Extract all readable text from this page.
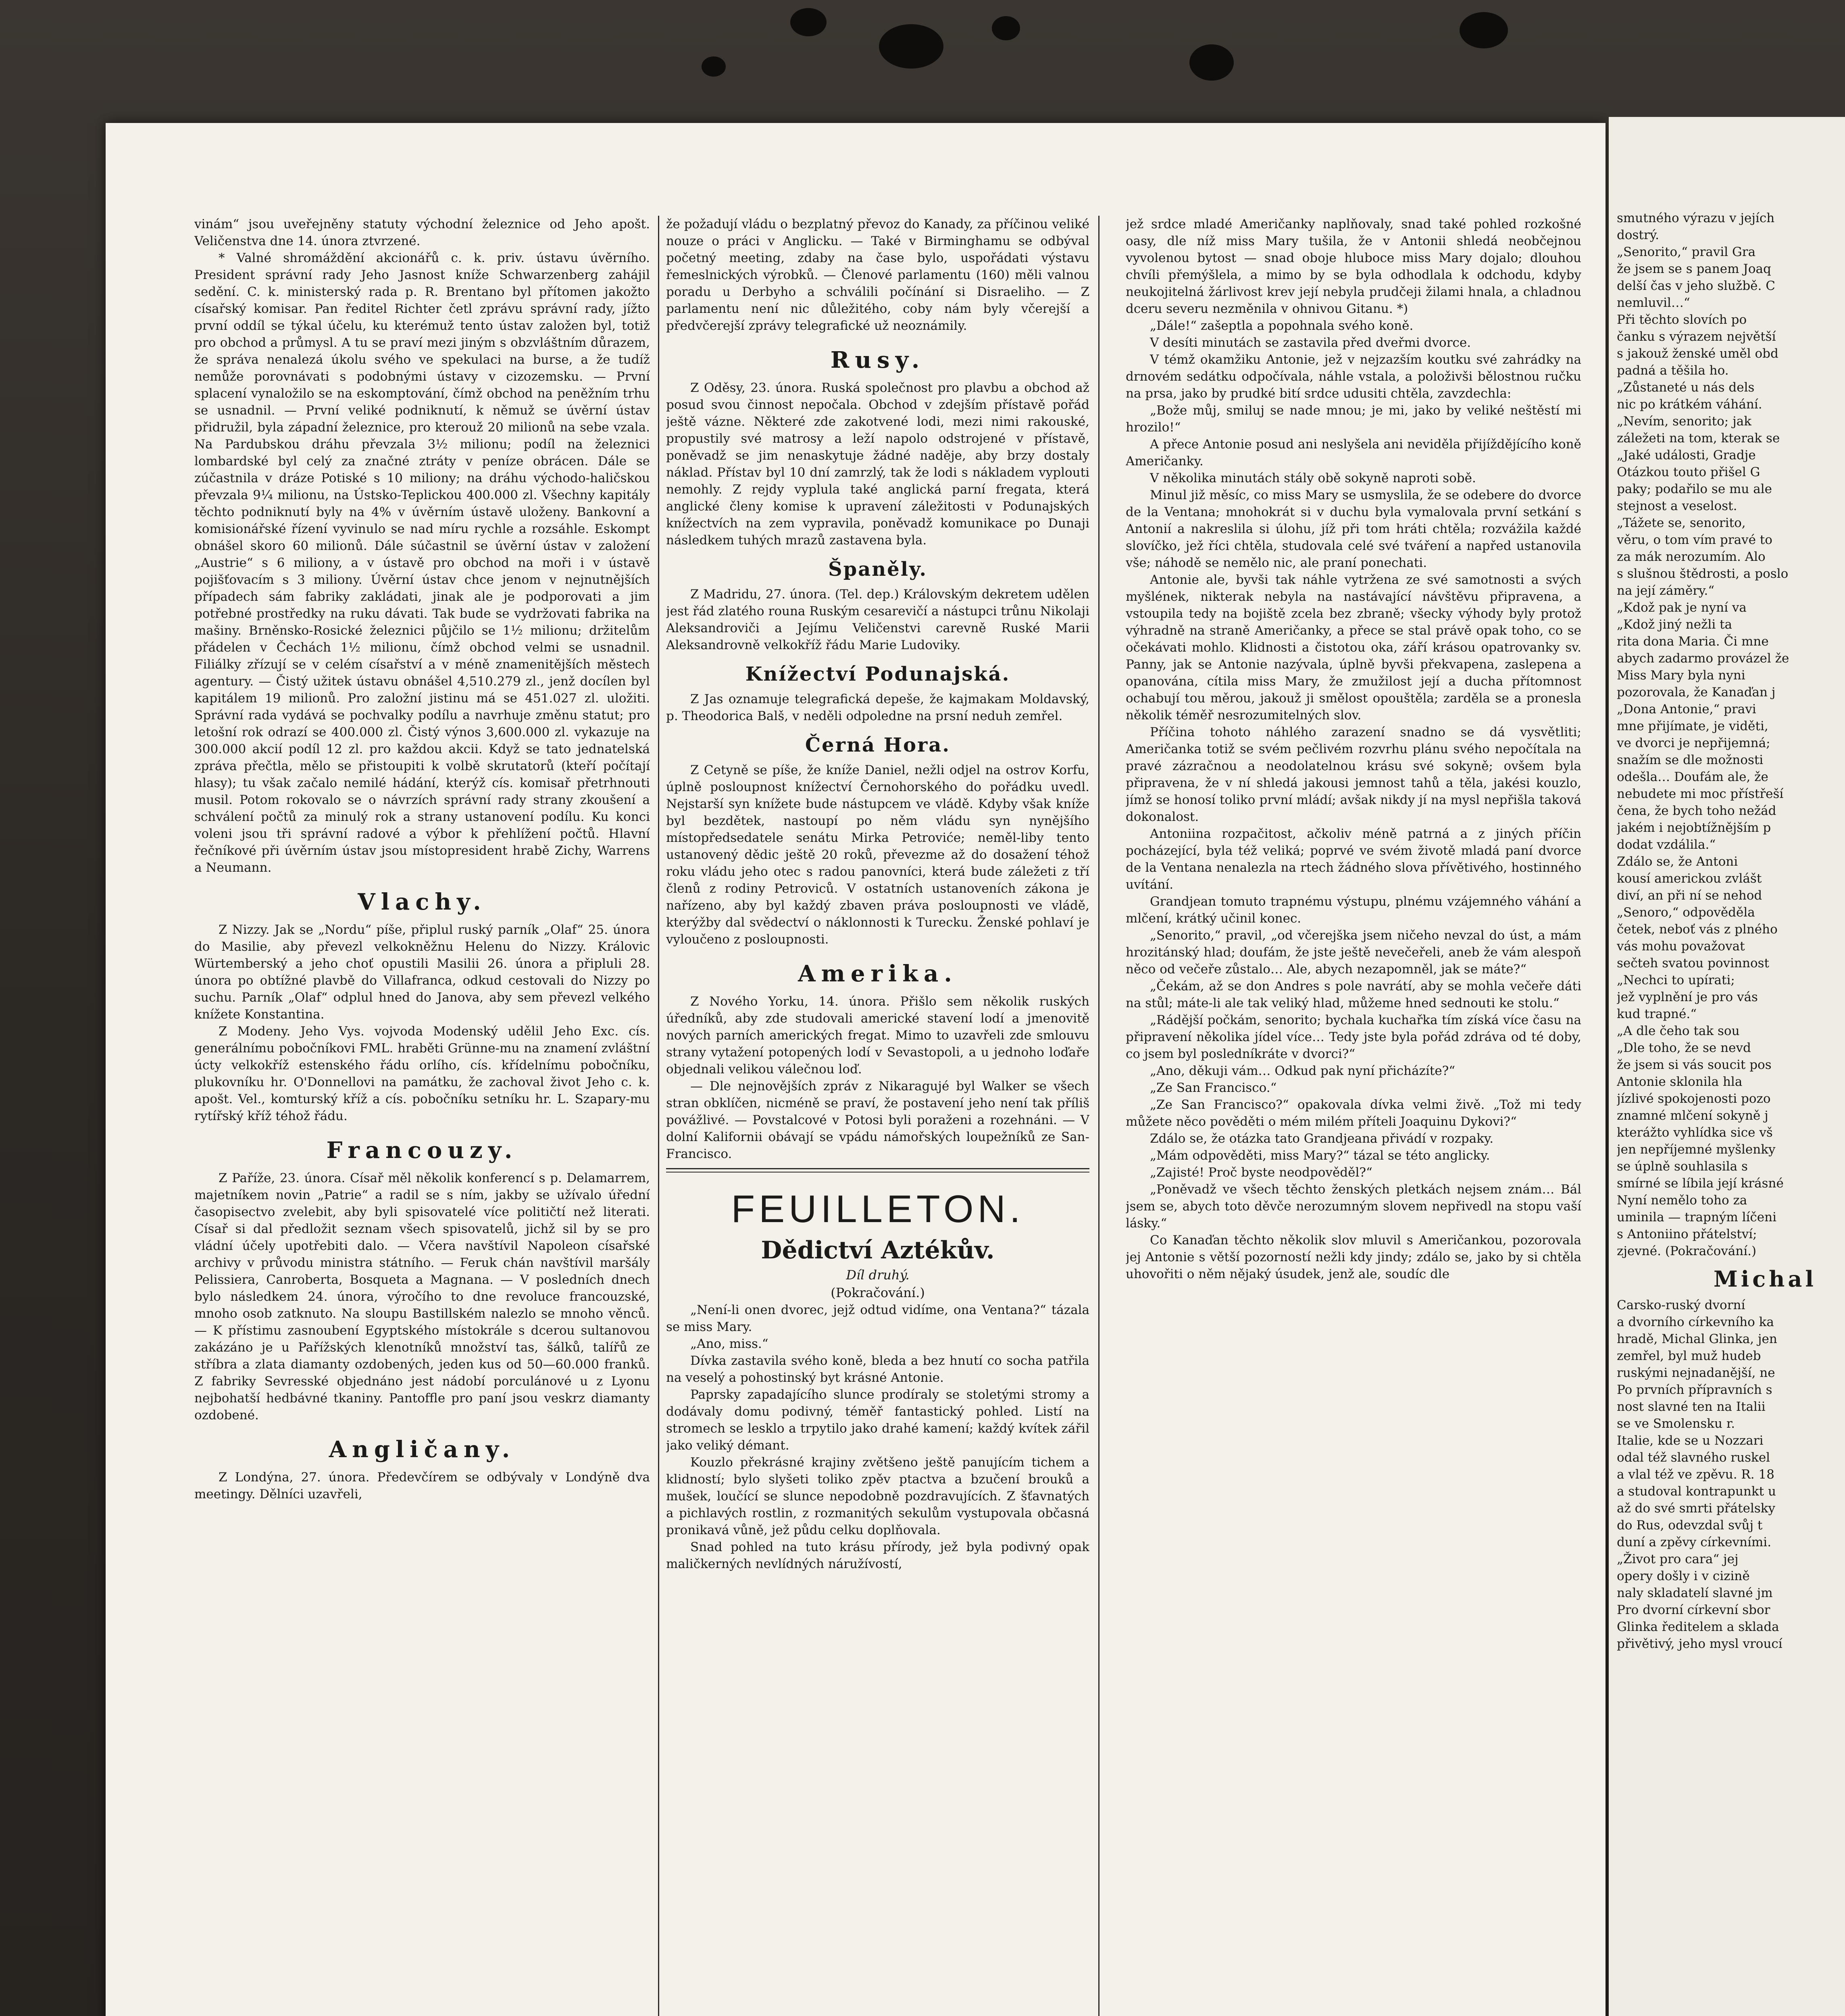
vinám“ jsou uveřejněny statuty východní železnice od Jeho apošt. Veličenstva dne 14. února ztvrzené.

* Valné shromáždění akcionářů c. k. priv. ústavu úvěrního. President správní rady Jeho Jasnost kníže Schwarzenberg zahájil sedění. C. k. ministerský rada p. R. Brentano byl přítomen jakožto císařský komisar. Pan ředitel Richter četl zprávu správní rady, jížto první oddíl se týkal účelu, ku kterémuž tento ústav založen byl, totiž pro obchod a průmysl. A tu se praví mezi jiným s obzvláštním důrazem, že správa nenalezá úkolu svého ve spekulaci na burse, a že tudíž nemůže porovnávati s podobnými ústavy v cizozemsku. — První splacení vynaložilo se na eskomptování, čímž obchod na peněžním trhu se usnadnil. — První veliké podniknutí, k němuž se úvěrní ústav přidružil, byla západní železnice, pro kterouž 20 milionů na sebe vzala. Na Pardubskou dráhu převzala 3½ milionu; podíl na železnici lombardské byl celý za značné ztráty v peníze obrácen. Dále se zúčastnila v dráze Potiské s 10 miliony; na dráhu východo-haličskou převzala 9¼ milionu, na Ústsko-Teplickou 400.000 zl. Všechny kapitály těchto podniknutí byly na 4% v úvěrním ústavě uloženy. Bankovní a komisionářské řízení vyvinulo se nad míru rychle a rozsáhle. Eskompt obnášel skoro 60 milionů. Dále súčastnil se úvěrní ústav v založení „Austrie“ s 6 miliony, a v ústavě pro obchod na moři i v ústavě pojišťovacím s 3 miliony. Úvěrní ústav chce jenom v nejnutnějších případech sám fabriky zakládati, jinak ale je podporovati a jim potřebné prostředky na ruku dávati. Tak bude se vydržovati fabrika na mašiny. Brněnsko-Rosické železnici půjčilo se 1½ milionu; držitelům přádelen v Čechách 1½ milionu, čímž obchod velmi se usnadnil. Filiálky zřízují se v celém císařství a v méně znamenitějších městech agentury. — Čistý užitek ústavu obnášel 4,510.279 zl., jenž docílen byl kapitálem 19 milionů. Pro založní jistinu má se 451.027 zl. uložiti. Správní rada vydává se pochvalky podílu a navrhuje změnu statut; pro letošní rok odrazí se 400.000 zl. Čistý výnos 3,600.000 zl. vykazuje na 300.000 akcií podíl 12 zl. pro každou akcii. Když se tato jednatelská zpráva přečtla, mělo se přistoupiti k volbě skrutatorů (kteří počítají hlasy); tu však začalo nemilé hádání, kterýž cís. komisař přetrhnouti musil. Potom rokovalo se o návrzích správní rady strany zkoušení a schválení počtů za minulý rok a strany ustanovení podílu. Ku konci voleni jsou tři správní radové a výbor k přehlížení počtů. Hlavní řečníkové při úvěrním ústav jsou místopresident hrabě Zichy, Warrens a Neumann.

Vlachy.

Z Nizzy. Jak se „Nordu“ píše, připlul ruský parník „Olaf“ 25. února do Masilie, aby převezl velkokněžnu Helenu do Nizzy. Královic Würtemberský a jeho choť opustili Masilii 26. února a připluli 28. února po obtížné plavbě do Villafranca, odkud cestovali do Nizzy po suchu. Parník „Olaf“ odplul hned do Janova, aby sem převezl velkého knížete Konstantina.

Z Modeny. Jeho Vys. vojvoda Modenský udělil Jeho Exc. cís. generálnímu pobočníkovi FML. hraběti Grünne-mu na znamení zvláštní úcty velkokříž estenského řádu orlího, cís. křídelnímu pobočníku, plukovníku hr. O'Donnellovi na památku, že zachoval život Jeho c. k. apošt. Vel., komturský kříž a cís. pobočníku setníku hr. L. Szapary-mu rytířský kříž téhož řádu.

Francouzy.

Z Paříže, 23. února. Císař měl několik konferencí s p. Delamarrem, majetníkem novin „Patrie“ a radil se s ním, jakby se užívalo úřední časopisectvo zvelebit, aby byli spisovatelé více političtí než literati. Císař si dal předložit seznam všech spisovatelů, jichž sil by se pro vládní účely upotřebiti dalo. — Včera navštívil Napoleon císařské archivy v průvodu ministra státního. — Feruk chán navštívil maršály Pelissiera, Canroberta, Bosqueta a Magnana. — V posledních dnech bylo následkem 24. února, výročího to dne revoluce francouzské, mnoho osob zatknuto. Na sloupu Bastillském nalezlo se mnoho věnců. — K přístimu zasnoubení Egyptského místokrále s dcerou sultanovou zakázáno je u Pařížských klenotníků množství tas, šálků, talířů ze stříbra a zlata diamanty ozdobených, jeden kus od 50—60.000 franků. Z fabriky Sevresské objednáno jest nádobí porculánové u z Lyonu nejbohatší hedbávné tkaniny. Pantoffle pro paní jsou veskrz diamanty ozdobené.

Angličany.

Z Londýna, 27. února. Předevčírem se odbývaly v Londýně dva meetingy. Dělníci uzavřeli,

že požadují vládu o bezplatný převoz do Kanady, za příčinou veliké nouze o práci v Anglicku. — Také v Birminghamu se odbýval početný meeting, zdaby na čase bylo, uspořádati výstavu řemeslnických výrobků. — Členové parlamentu (160) měli valnou poradu u Derbyho a schválili počínání si Disraeliho. — Z parlamentu není nic důležitého, coby nám byly včerejší a předvčerejší zprávy telegrafické už neoznámily.

Rusy.

Z Oděsy, 23. února. Ruská společnost pro plavbu a obchod až posud svou činnost nepočala. Obchod v zdejším přístavě pořád ještě vázne. Některé zde zakotvené lodi, mezi nimi rakouské, propustily své matrosy a leží napolo odstrojené v přístavě, poněvadž se jim nenaskytuje žádné naděje, aby brzy dostaly náklad. Přístav byl 10 dní zamrzlý, tak že lodi s nákladem vyplouti nemohly. Z rejdy vyplula také anglická parní fregata, která anglické členy komise k upravení záležitosti v Podunajských knížectvích na zem vypravila, poněvadž komunikace po Dunaji následkem tuhých mrazů zastavena byla.

Španěly.

Z Madridu, 27. února. (Tel. dep.) Královským dekretem udělen jest řád zlatého rouna Ruským cesarevičí a nástupci trůnu Nikolaji Aleksandroviči a Jejímu Veličenstvi carevně Ruské Marii Aleksandrovně velkokříž řádu Marie Ludoviky.

Knížectví Podunajská.

Z Jas oznamuje telegrafická depeše, že kajmakam Moldavský, p. Theodorica Balš, v neděli odpoledne na prsní neduh zemřel.

Černá Hora.

Z Cetyně se píše, že kníže Daniel, nežli odjel na ostrov Korfu, úplně posloupnost knížectví Černohorského do pořádku uvedl. Nejstarší syn knížete bude nástupcem ve vládě. Kdyby však kníže byl bezdětek, nastoupí po něm vládu syn nynějšího místopředsedatele senátu Mirka Petroviće; neměl-liby tento ustanovený dědic ještě 20 roků, převezme až do dosažení téhož roku vládu jeho otec s radou panovníci, která bude záležeti z tří členů z rodiny Petroviců. V ostatních ustanoveních zákona je nařízeno, aby byl každý zbaven práva posloupnosti ve vládě, kterýžby dal svědectví o náklonnosti k Turecku. Ženské pohlaví je vyloučeno z posloupnosti.

Amerika.

Z Nového Yorku, 14. února. Přišlo sem několik ruských úředníků, aby zde studovali americké stavení lodí a jmenovitě nových parních amerických fregat. Mimo to uzavřeli zde smlouvu strany vytažení potopených lodí v Sevastopoli, a u jednoho loďaře objednali velikou válečnou loď.

— Dle nejnovějších zpráv z Nikaragujé byl Walker se všech stran obklíčen, nicméně se praví, že postavení jeho není tak příliš povážlivé. — Povstalcové v Potosi byli poraženi a rozehnáni. — V dolní Kalifornii obávají se vpádu námořských loupežníků ze San-Francisco.

FEUILLETON.
Dědictví Aztékův.
Díl druhý.
(Pokračování.)

„Není-li onen dvorec, jejž odtud vidíme, ona Ventana?“ tázala se miss Mary.

„Ano, miss.“

Dívka zastavila svého koně, bleda a bez hnutí co socha patřila na veselý a pohostinský byt krásné Antonie.

Paprsky zapadajícího slunce prodíraly se stoletými stromy a dodávaly domu podivný, téměř fantastický pohled. Listí na stromech se lesklo a trpytilo jako drahé kamení; každý kvítek zářil jako veliký démant.

Kouzlo překrásné krajiny zvětšeno ještě panujícím tichem a klidností; bylo slyšeti toliko zpěv ptactva a bzučení brouků a mušek, loučící se slunce nepodobně pozdravujících. Z šťavnatých a pichlavých rostlin, z rozmanitých sekulům vystupovala občasná pronikavá vůně, jež půdu celku doplňovala.

Snad pohled na tuto krásu přírody, jež byla podivný opak maličkerných nevlídných náružívostí,

jež srdce mladé Američanky naplňovaly, snad také pohled rozkošné oasy, dle níž miss Mary tušila, že v Antonii shledá neobčejnou vyvolenou bytost — snad oboje hluboce miss Mary dojalo; dlouhou chvíli přemýšlela, a mimo by se byla odhodlala k odchodu, kdyby neukojitelná žárlivost krev její nebyla prudčeji žilami hnala, a chladnou dceru severu nezměnila v ohnivou Gitanu. *)

„Dále!“ zašeptla a popohnala svého koně.

V desíti minutách se zastavila před dveřmi dvorce.

V témž okamžiku Antonie, jež v nejzazším koutku své zahrádky na drnovém sedátku odpočívala, náhle vstala, a položivši bělostnou ručku na prsa, jako by prudké bití srdce udusiti chtěla, zavzdechla:

„Bože můj, smiluj se nade mnou; je mi, jako by veliké neštěstí mi hrozilo!“

A přece Antonie posud ani neslyšela ani neviděla přijíždějícího koně Američanky.

V několika minutách stály obě sokyně naproti sobě.

Minul již měsíc, co miss Mary se usmyslila, že se odebere do dvorce de la Ventana; mnohokrát si v duchu byla vymalovala první setkání s Antonií a nakreslila si úlohu, jíž při tom hráti chtěla; rozvážila každé slovíčko, jež říci chtěla, studovala celé své tváření a napřed ustanovila vše; náhodě se nemělo nic, ale praní ponechati.

Antonie ale, byvši tak náhle vytržena ze své samotnosti a svých myšlének, nikterak nebyla na nastávající návštěvu připravena, a vstoupila tedy na bojiště zcela bez zbraně; všecky výhody byly protož výhradně na straně Američanky, a přece se stal právě opak toho, co se očekávati mohlo. Klidnosti a čistotou oka, září krásou opatrovanky sv. Panny, jak se Antonie nazývala, úplně byvši překvapena, zaslepena a opanována, cítila miss Mary, že zmužilost její a ducha přítomnost ochabují tou měrou, jakouž ji smělost opouštěla; zarděla se a pronesla několik téměř nesrozumitelných slov.

Příčina tohoto náhlého zarazení snadno se dá vysvětliti; Američanka totiž se svém pečlivém rozvrhu plánu svého nepočítala na pravé zázračnou a neodolatelnou krásu své sokyně; ovšem byla připravena, že v ní shledá jakousi jemnost tahů a těla, jakési kouzlo, jímž se honosí toliko první mládí; avšak nikdy jí na mysl nepřišla taková dokonalost.

Antoniina rozpačitost, ačkoliv méně patrná a z jiných příčin pocházející, byla též veliká; poprvé ve svém životě mladá paní dvorce de la Ventana nenalezla na rtech žádného slova přívětivého, hostinného uvítání.

Grandjean tomuto trapnému výstupu, plnému vzájemného váhání a mlčení, krátký učinil konec.

„Senorito,“ pravil, „od včerejška jsem ničeho nevzal do úst, a mám hrozitánský hlad; doufám, že jste ještě nevečeřeli, aneb že vám alespoň něco od večeře zůstalo… Ale, abych nezapomněl, jak se máte?“

„Čekám, až se don Andres s pole navrátí, aby se mohla večeře dáti na stůl; máte-li ale tak veliký hlad, můžeme hned sednouti ke stolu.“

„Rádější počkám, senorito; bychala kuchařka tím získá více času na připravení několika jídel více… Tedy jste byla pořád zdráva od té doby, co jsem byl posledníkráte v dvorci?“

„Ano, děkuji vám… Odkud pak nyní přicházíte?“

„Ze San Francisco.“

„Ze San Francisco?“ opakovala dívka velmi živě. „Tož mi tedy můžete něco pověděti o mém milém příteli Joaquinu Dykovi?“

Zdálo se, že otázka tato Grandjeana přivádí v rozpaky.

„Mám odpověděti, miss Mary?“ tázal se této anglicky.

„Zajisté! Proč byste neodpověděl?“

„Poněvadž ve všech těchto ženských pletkách nejsem znám… Bál jsem se, abych toto děvče nerozumným slovem nepřivedl na stopu vaší lásky.“

Co Kanaďan těchto několik slov mluvil s Američankou, pozorovala jej Antonie s větší pozorností nežli kdy jindy; zdálo se, jako by si chtěla uhovořiti o něm nějaký úsudek, jenž ale, soudíc dle

smutného výrazu v jejích

dostrý.

„Senorito,“ pravil Gra

že jsem se s panem Joaq

delší čas v jeho službě. C

nemluvil…“

Při těchto slovích po

čanku s výrazem největší

s jakouž ženské uměl obd

padná a těšila ho.

„Zůstaneté u nás dels

nic po krátkém váhání.

„Nevím, senorito; jak

záležeti na tom, kterak se

„Jaké události, Gradje

Otázkou touto přišel G

paky; podařilo se mu ale

stejnost a veselost.

„Tážete se, senorito,

věru, o tom vím pravé to

za mák nerozumím. Alo

s slušnou štědrosti, a poslo

na její záměry.“

„Kdož pak je nyní va

„Kdož jiný nežli ta

rita dona Maria. Či mne

abych zadarmo provázel že

Miss Mary byla nyni

pozorovala, že Kanaďan j

„Dona Antonie,“ pravi

mne přijímate, je viděti,

ve dvorci je nepřijemná;

snažím se dle možnosti

odešla… Doufám ale, že

nebudete mi moc přístřeší

čena, že bych toho nežád

jakém i nejobtížnějším p

dodat vzdálila.“

Zdálo se, že Antoni

kousí americkou zvlášt

diví, an při ní se nehod

„Senoro,“ odpověděla

četek, neboť vás z plného

vás mohu považovat

sečteh svatou povinnost

„Nechci to upírati;

jež vyplnění je pro vás

kud trapné.“

„A dle čeho tak sou

„Dle toho, že se nevd

že jsem si vás soucit pos

Antonie sklonila hla

jízlivé spokojenosti pozo

znamné mlčení sokyně j

kterážto vyhlídka sice vš

jen nepříjemné myšlenky

se úplně souhlasila s

smírné se líbila její krásné

Nyní nemělo toho za

uminila — trapným líčeni

s Antoniino přátelství;

zjevné. (Pokračování.)

Michal

Carsko-ruský dvorní

a dvorního církevního ka

hradě, Michal Glinka, jen

zemřel, byl muž hudeb

ruskými nejnadanější, ne

Po prvních přípravních s

nost slavné ten na Italii

se ve Smolensku r.

Italie, kde se u Nozzari

odal též slavného ruskel

a vlal též ve zpěvu. R. 18

a studoval kontrapunkt u

až do své smrti přátelsky

do Rus, odevzdal svůj t

duní a zpěvy církevními.

„Život pro cara“ jej

opery došly i v cizině

naly skladatelí slavné jm

Pro dvorní církevní sbor

Glinka ředitelem a sklada

přivětivý, jeho mysl vroucí
